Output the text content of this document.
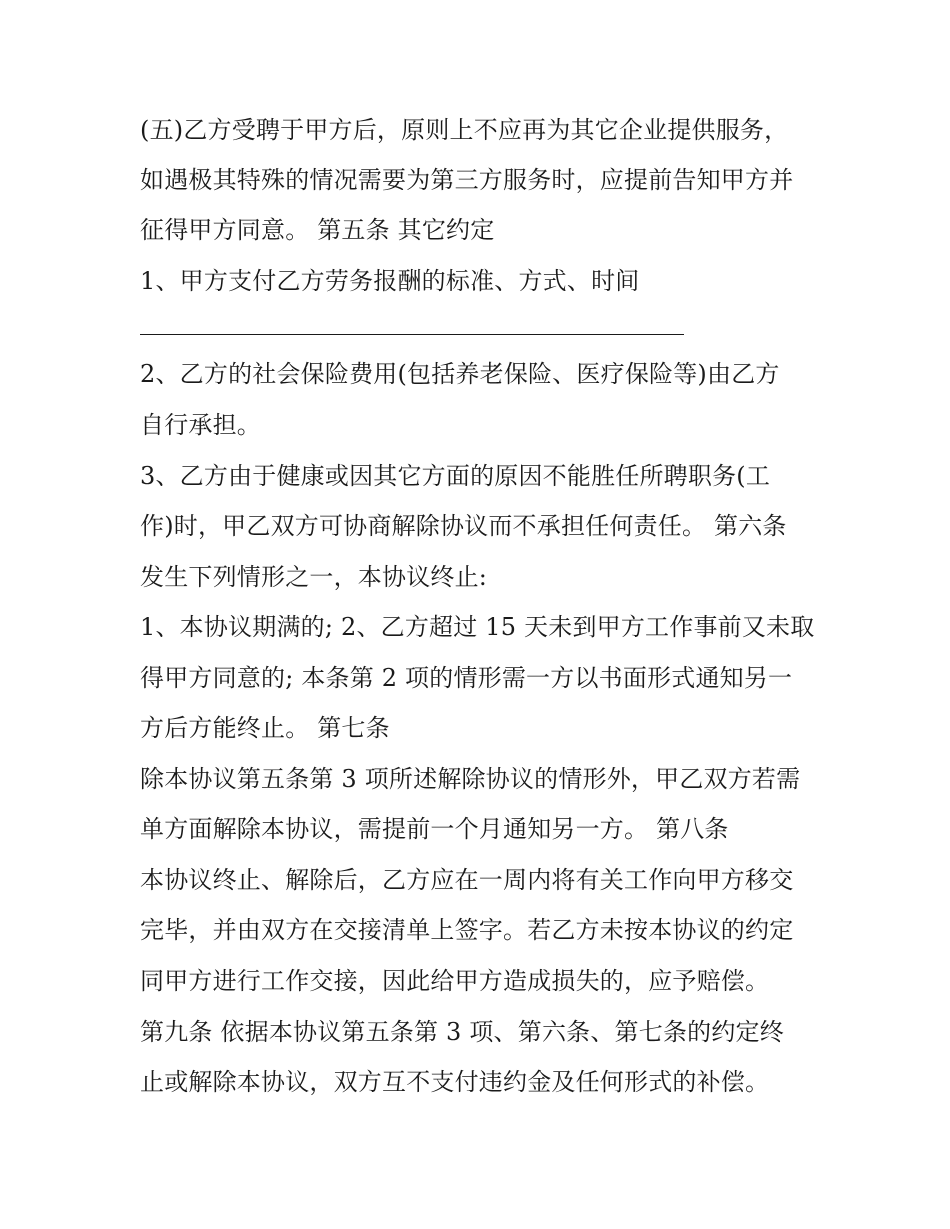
(五)乙方受聘于甲方后，原则上不应再为其它企业提供服务，
如遇极其特殊的情况需要为第三方服务时，应提前告知甲方并
征得甲方同意。 第五条 其它约定
1、甲方支付乙方劳务报酬的标准、方式、时间
2、乙方的社会保险费用(包括养老保险、医疗保险等)由乙方
自行承担。
3、乙方由于健康或因其它方面的原因不能胜任所聘职务(工
作)时，甲乙双方可协商解除协议而不承担任何责任。 第六条
发生下列情形之一，本协议终止:
1、本协议期满的; 2、乙方超过 15 天未到甲方工作事前又未取
得甲方同意的; 本条第 2 项的情形需一方以书面形式通知另一
方后方能终止。 第七条
除本协议第五条第 3 项所述解除协议的情形外，甲乙双方若需
单方面解除本协议，需提前一个月通知另一方。 第八条
本协议终止、解除后，乙方应在一周内将有关工作向甲方移交
完毕，并由双方在交接清单上签字。若乙方未按本协议的约定
同甲方进行工作交接，因此给甲方造成损失的，应予赔偿。
第九条 依据本协议第五条第 3 项、第六条、第七条的约定终
止或解除本协议，双方互不支付违约金及任何形式的补偿。
